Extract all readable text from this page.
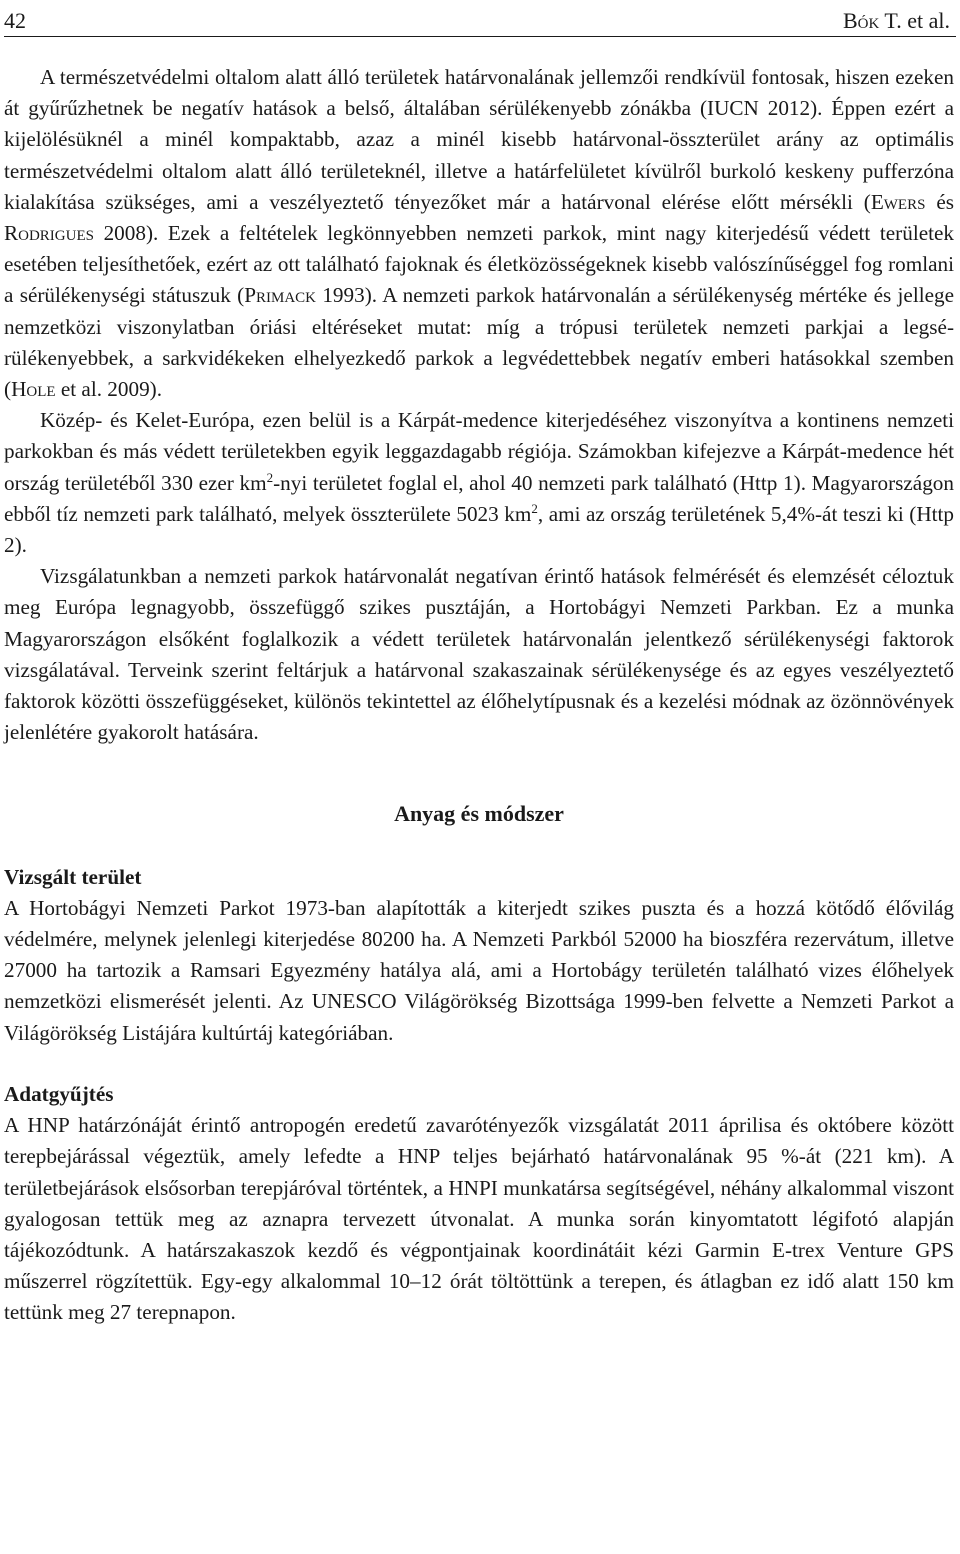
42	Bók T. et al.

A természetvédelmi oltalom alatt álló területek határvonalának jellemzői rendkívül fontosak, hiszen ezeken át gyűrűzhetnek be negatív hatások a belső, általában sérülékenyebb zónákba (IUCN 2012). Éppen ezért a kijelölésüknél a minél kompaktabb, azaz a minél kisebb határvonal-összterület arány az optimális természetvédelmi oltalom alatt álló területeknél, illetve a határfelületet kívülről burkoló keskeny pufferzóna kialakítása szükséges, ami a veszélyeztető tényezőket már a határvonal elérése előtt mérsékli (Ewers és Rodrigues 2008). Ezek a feltételek legkönnyebben nemzeti parkok, mint nagy kiterjedésű védett területek esetében teljesíthetőek, ezért az ott található fajoknak és életközösségeknek kisebb valószínűséggel fog romlani a sérülékenységi státuszuk (Primack 1993). A nemzeti parkok határvonalán a sérülékenység mértéke és jellege nemzetközi viszonylatban óriási eltéréseket mutat: míg a trópusi területek nemzeti parkjai a legsérülékenyebbek, a sarkvidékeken elhelyezkedő parkok a legvédettebbek negatív emberi hatásokkal szemben (Hole et al. 2009).

Közép- és Kelet-Európa, ezen belül is a Kárpát-medence kiterjedéséhez viszonyítva a kontinens nemzeti parkokban és más védett területekben egyik leggazdagabb régiója. Számokban kifejezve a Kárpát-medence hét ország területéből 330 ezer $km^2$-nyi területet foglal el, ahol 40 nemzeti park található (Http 1). Magyarországon ebből tíz nemzeti park található, melyek összterülete 5023 $km^2$, ami az ország területének 5,4%-át teszi ki (Http 2).

Vizsgálatunkban a nemzeti parkok határvonalát negatívan érintő hatások felmérését és elemzését céloztuk meg Európa legnagyobb, összefüggő szikes pusztáján, a Hortobágyi Nemzeti Parkban. Ez a munka Magyarországon elsőként foglalkozik a védett területek határvonalán jelentkező sérülékenységi faktorok vizsgálatával. Terveink szerint feltárjuk a határvonal szakaszainak sérülékenysége és az egyes veszélyeztető faktorok közötti összefüggéseket, különös tekintettel az élőhelytípusnak és a kezelési módnak az özönnövények jelenlétére gyakorolt hatására.

Anyag és módszer
Vizsgált terület

A Hortobágyi Nemzeti Parkot 1973-ban alapították a kiterjedt szikes puszta és a hozzá kötődő élővilág védelmére, melynek jelenlegi kiterjedése 80200 ha. A Nemzeti Parkból 52000 ha bioszféra rezervátum, illetve 27000 ha tartozik a Ramsari Egyezmény hatálya alá, ami a Hortobágy területén található vizes élőhelyek nemzetközi elismerését jelenti. Az UNESCO Világörökség Bizottsága 1999-ben felvette a Nemzeti Parkot a Világörökség Listájára kultúrtáj kategóriában.

Adatgyűjtés

A HNP határzónáját érintő antropogén eredetű zavarótényezők vizsgálatát 2011 áprilisa és októbere között terepbejárással végeztük, amely lefedte a HNP teljes bejárható határvonalának 95 %-át (221 km). A területbejárások elsősorban terepjáróval történtek, a HNPI munkatársa segítségével, néhány alkalommal viszont gyalogosan tettük meg az aznapra tervezett útvonalat. A munka során kinyomtatott légifotó alapján tájékozódtunk. A határszakaszok kezdő és végpontjainak koordinátáit kézi Garmin E-trex Venture GPS műszerrel rögzítettük. Egy-egy alkalommal 10–12 órát töltöttünk a terepen, és átlagban ez idő alatt 150 km tettünk meg 27 terepnapon.
